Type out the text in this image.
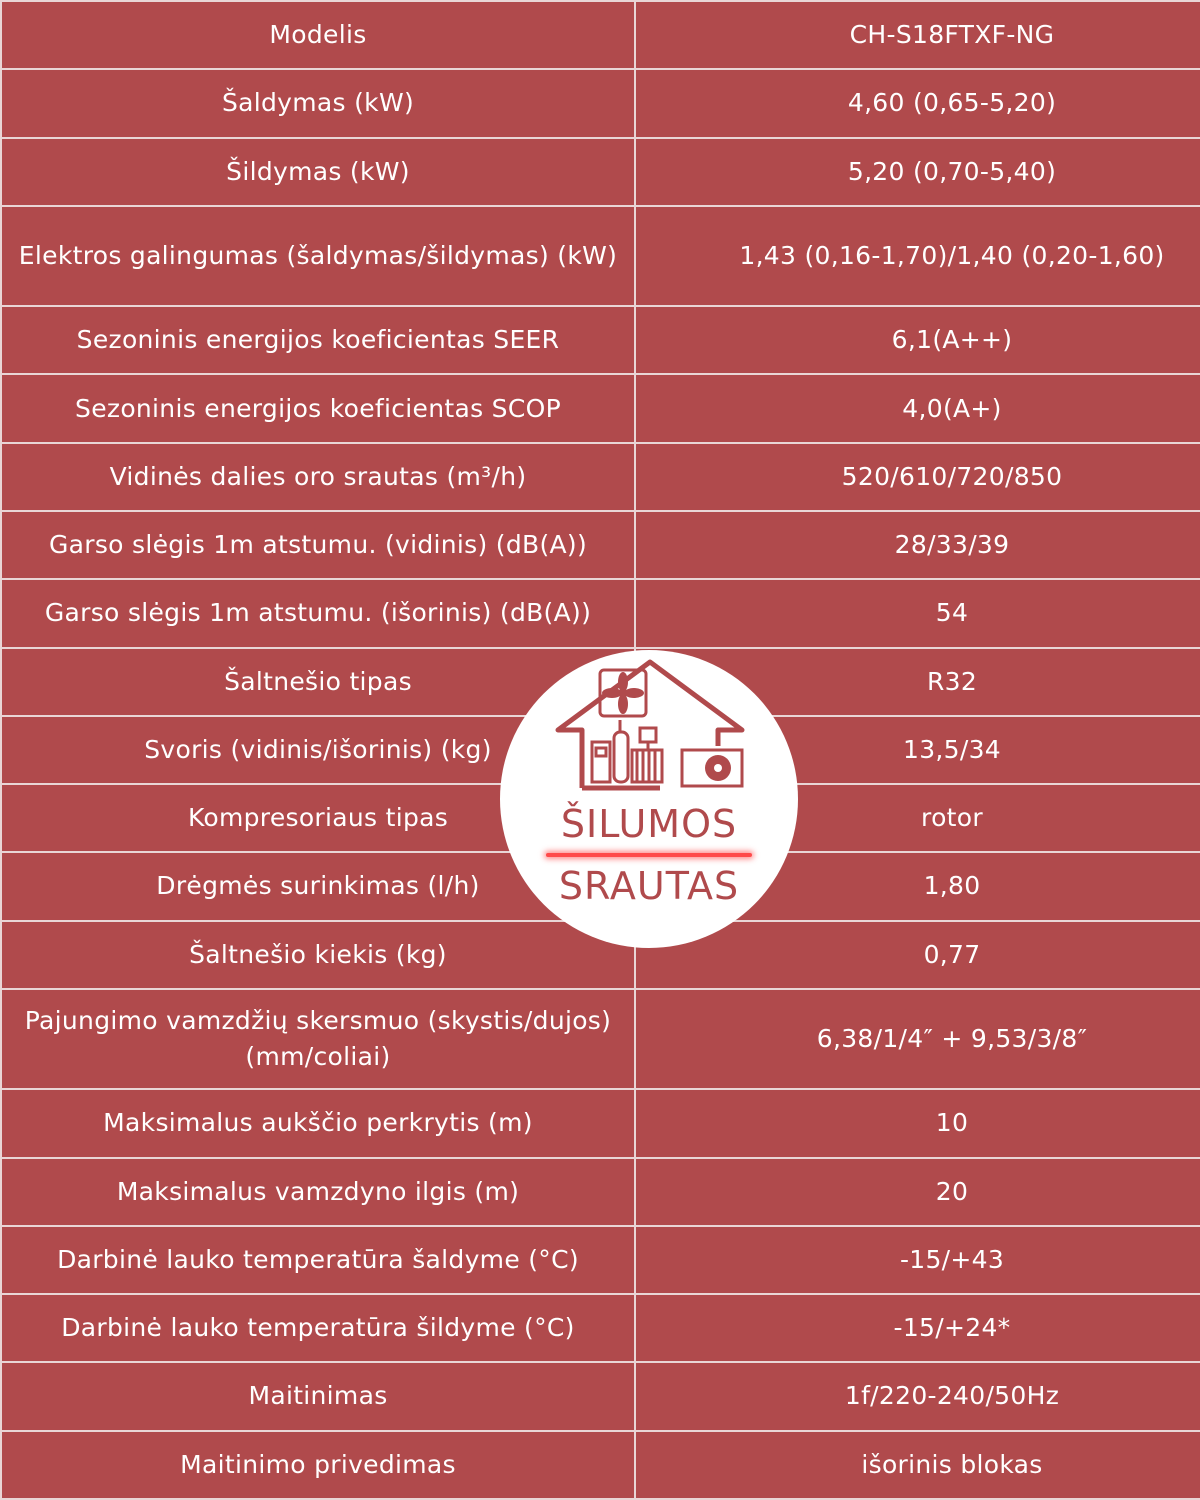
Modelis	CH-S18FTXF-NG
Šaldymas (kW)	4,60 (0,65-5,20)
Šildymas (kW)	5,20 (0,70-5,40)
Elektros galingumas (šaldymas/šildymas) (kW)	1,43 (0,16-1,70)/1,40 (0,20-1,60)
Sezoninis energijos koeficientas SEER	6,1(A++)
Sezoninis energijos koeficientas SCOP	4,0(A+)
Vidinės dalies oro srautas (m³/h)	520/610/720/850
Garso slėgis 1m atstumu. (vidinis) (dB(A))	28/33/39
Garso slėgis 1m atstumu. (išorinis) (dB(A))	54
Šaltnešio tipas	R32
Svoris (vidinis/išorinis) (kg)	13,5/34
Kompresoriaus tipas	rotor
Drėgmės surinkimas (l/h)	1,80
Šaltnešio kiekis (kg)	0,77
Pajungimo vamzdžių skersmuo (skystis/dujos) (mm/coliai)	6,38/1/4″ + 9,53/3/8″
Maksimalus aukščio perkrytis (m)	10
Maksimalus vamzdyno ilgis (m)	20
Darbinė lauko temperatūra šaldyme (°C)	-15/+43
Darbinė lauko temperatūra šildyme (°C)	-15/+24*
Maitinimas	1f/220-240/50Hz
Maitinimo privedimas	išorinis blokas
ŠILUMOS
SRAUTAS
